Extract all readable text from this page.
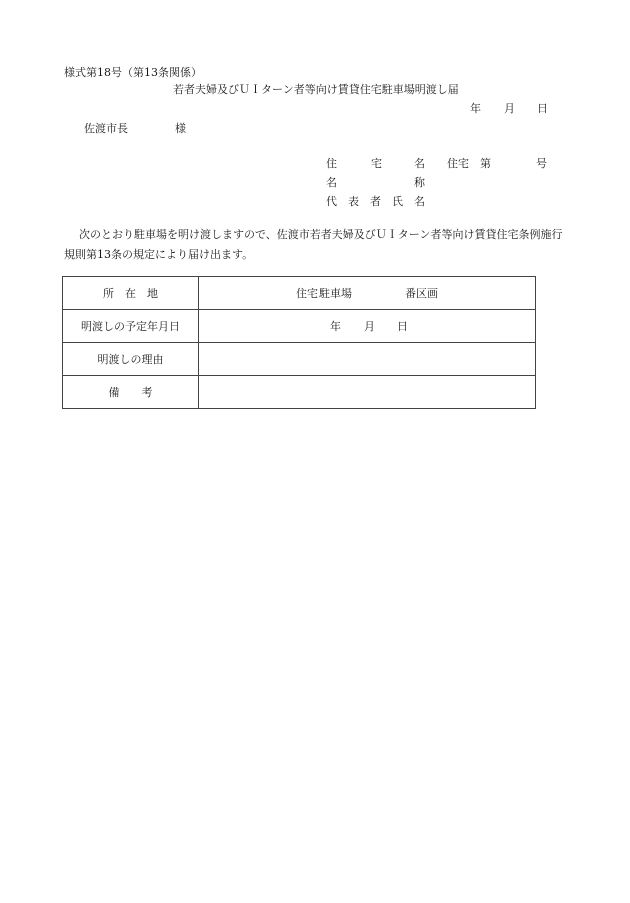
様式第18号（第13条関係）
若者夫婦及びＵＩターン者等向け賃貸住宅駐車場明渡し届
年 月 日
佐渡市長	様
住	宅	名 住宅 第	号
名	称
代 表 者 氏 名

次のとおり駐車場を明け渡しますので、佐渡市若者夫婦及びＵＩターン者等向け賃貸住宅条例施行

規則第13条の規定により届け出ます。
所　在　地	住宅 駐車場 番区画

明渡しの予定年月日	年 月 日

明渡しの理由	
備　　考	
